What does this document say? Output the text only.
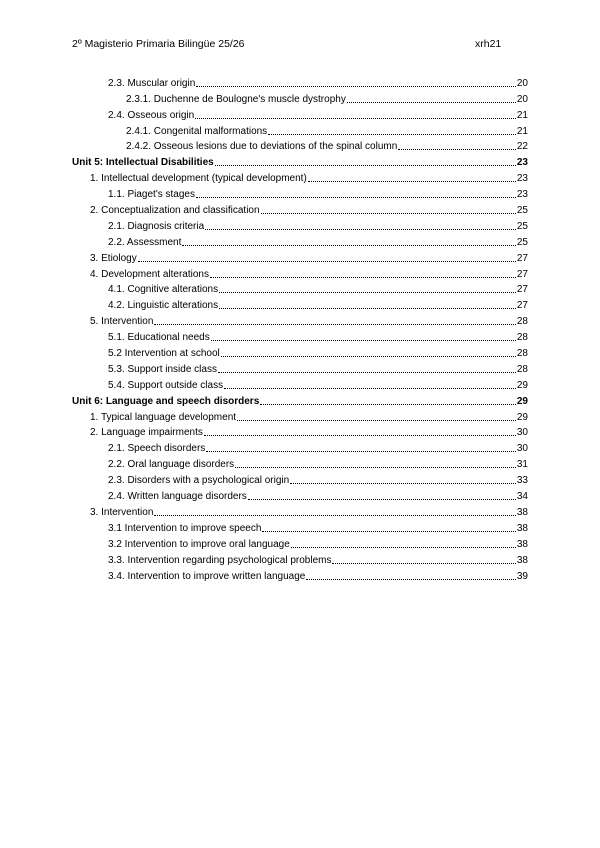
2º Magisterio Primaria Bilingüe 25/26	xrh21
2.3. Muscular origin	20
2.3.1. Duchenne de Boulogne's muscle dystrophy	20
2.4. Osseous origin	21
2.4.1. Congenital malformations	21
2.4.2. Osseous lesions due to deviations of the spinal column	22
Unit 5: Intellectual Disabilities	23
1. Intellectual development (typical development)	23
1.1. Piaget's stages	23
2. Conceptualization and classification	25
2.1. Diagnosis criteria	25
2.2. Assessment	25
3. Etiology	27
4. Development alterations	27
4.1. Cognitive alterations	27
4.2. Linguistic alterations	27
5. Intervention	28
5.1. Educational needs	28
5.2 Intervention at school	28
5.3. Support inside class	28
5.4. Support outside class	29
Unit 6: Language and speech disorders	29
1. Typical language development	29
2. Language impairments	30
2.1. Speech disorders	30
2.2. Oral language disorders	31
2.3. Disorders with a psychological origin	33
2.4. Written language disorders	34
3. Intervention	38
3.1 Intervention to improve speech	38
3.2 Intervention to improve oral language	38
3.3. Intervention regarding psychological problems	38
3.4. Intervention to improve written language	39
